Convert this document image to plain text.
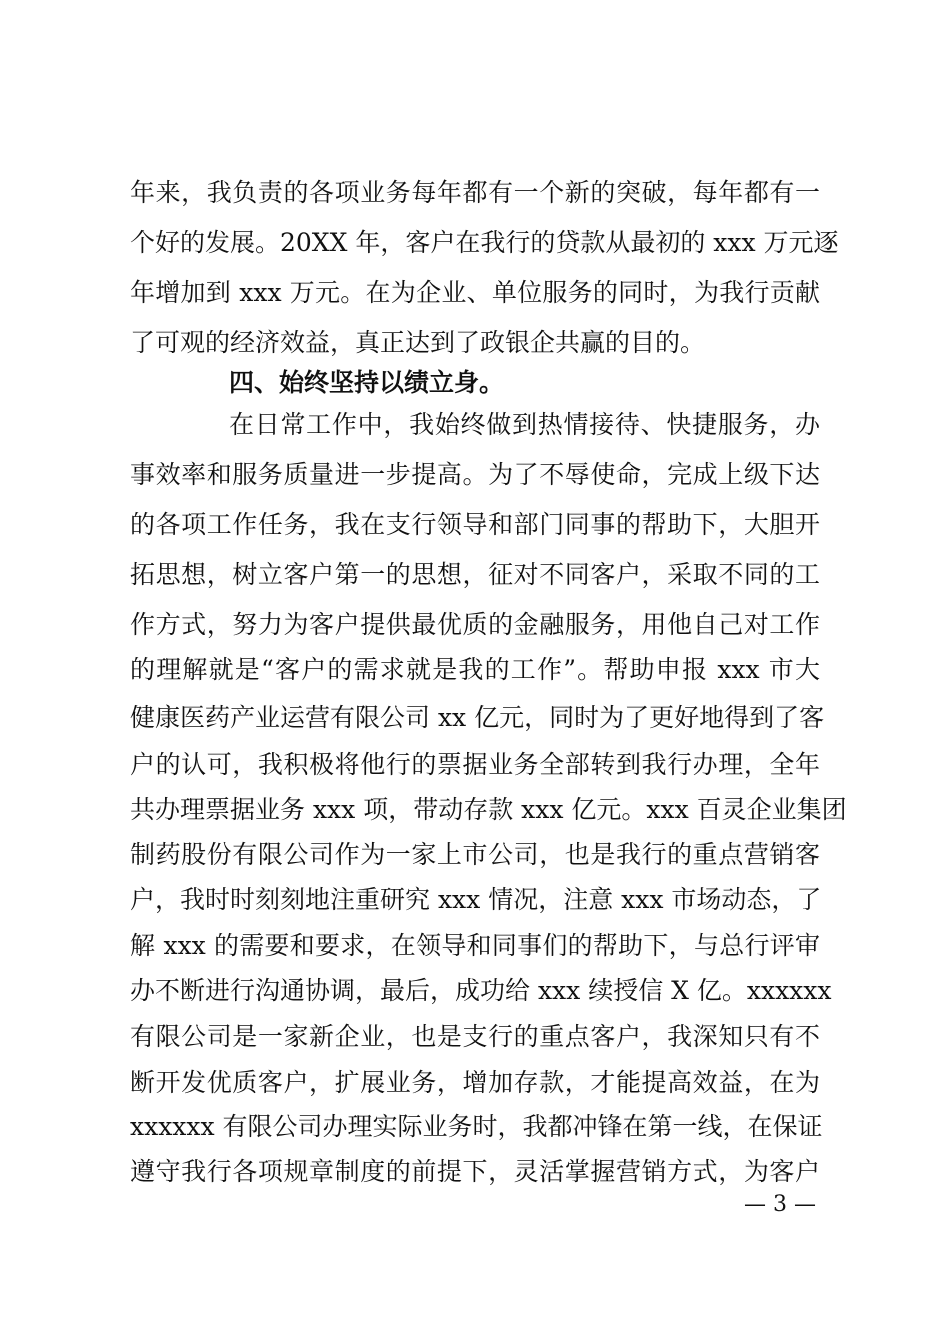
年来，我负责的各项业务每年都有一个新的突破，每年都有一
个好的发展。20XX 年，客户在我行的贷款从最初的 xxx 万元逐
年增加到 xxx 万元。在为企业、单位服务的同时，为我行贡献
了可观的经济效益，真正达到了政银企共赢的目的。
四、始终坚持以绩立身。
在日常工作中，我始终做到热情接待、快捷服务，办
事效率和服务质量进一步提高。为了不辱使命，完成上级下达
的各项工作任务，我在支行领导和部门同事的帮助下，大胆开
拓思想，树立客户第一的思想，征对不同客户，采取不同的工
作方式，努力为客户提供最优质的金融服务，用他自己对工作
的理解就是“客户的需求就是我的工作”。帮助申报 xxx 市大
健康医药产业运营有限公司 xx 亿元，同时为了更好地得到了客
户的认可，我积极将他行的票据业务全部转到我行办理，全年
共办理票据业务 xxx 项，带动存款 xxx 亿元。xxx 百灵企业集团
制药股份有限公司作为一家上市公司，也是我行的重点营销客
户，我时时刻刻地注重研究 xxx 情况，注意 xxx 市场动态，了
解 xxx 的需要和要求，在领导和同事们的帮助下，与总行评审
办不断进行沟通协调，最后，成功给 xxx 续授信 X 亿。xxxxxx
有限公司是一家新企业，也是支行的重点客户，我深知只有不
断开发优质客户，扩展业务，增加存款，才能提高效益，在为
xxxxxx 有限公司办理实际业务时，我都冲锋在第一线，在保证
遵守我行各项规章制度的前提下，灵活掌握营销方式，为客户
— 3 —
